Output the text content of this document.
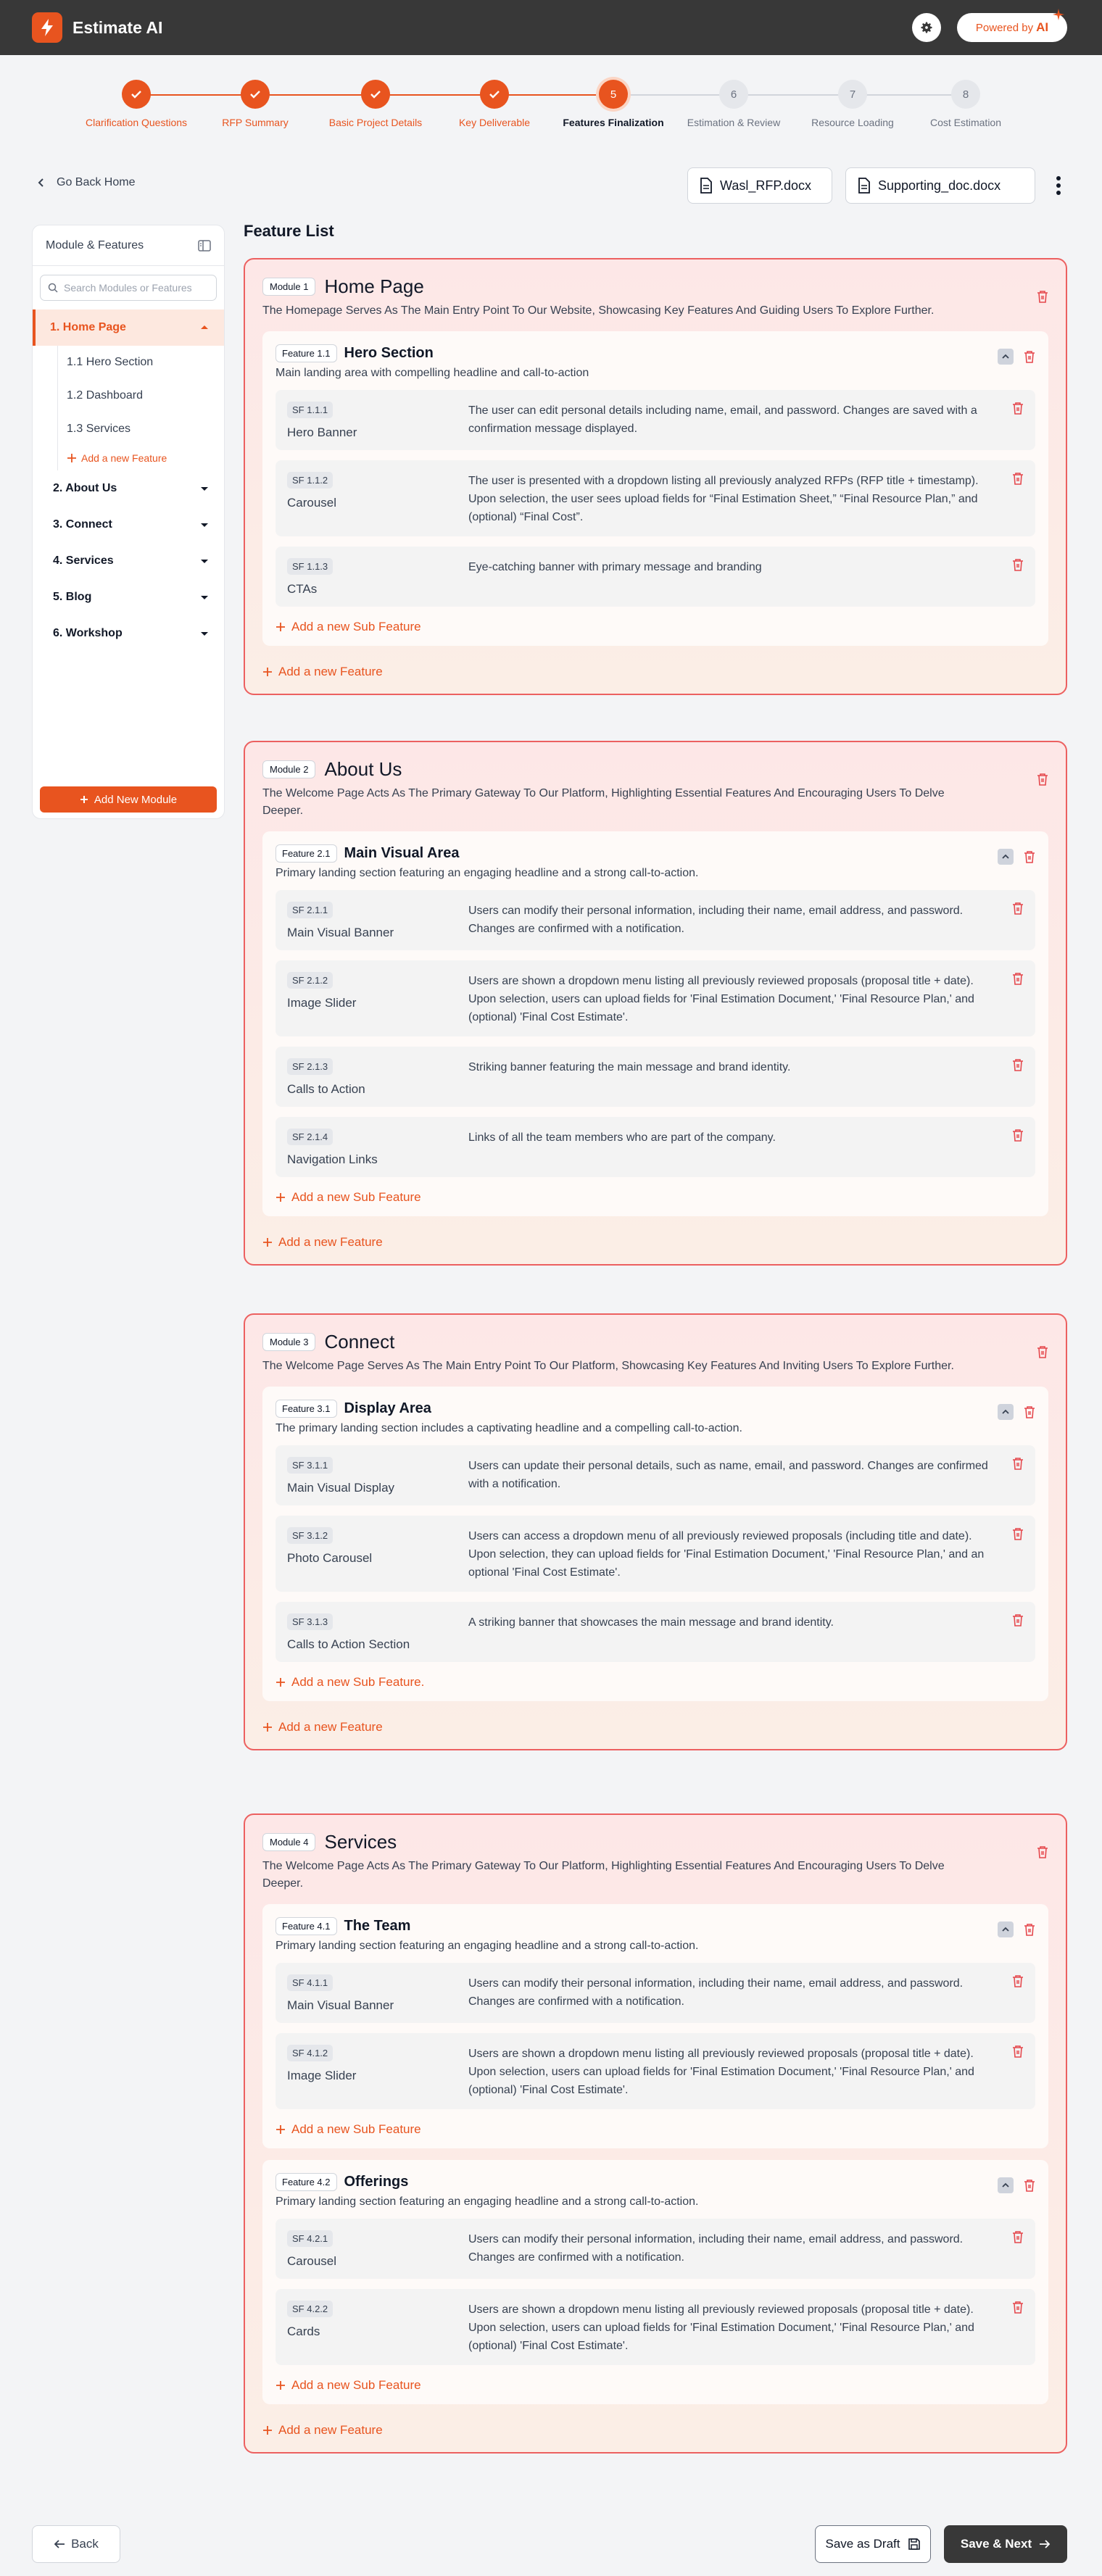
Estimate AI	Powered by AI
Clarification Questions	RFP Summary	Basic Project Details	Key Deliverable
5
Features Finalization
6
Estimation & Review
7
Resource Loading
8
Cost Estimation
Go Back Home	Wasl_RFP.docx	Supporting_doc.docx
Module & Features
Search Modules or Features
1. Home Page
1.1 Hero Section
1.2 Dashboard
1.3 Services
Add a new Feature
2. About Us
3. Connect
4. Services
5. Blog
6. Workshop
Add New Module
Feature List
Module 1 Home Page
The Homepage Serves As The Main Entry Point To Our Website, Showcasing Key Features And Guiding Users To Explore Further.
Feature 1.1 Hero Section
Main landing area with compelling headline and call-to-action
SF 1.1.1
Hero Banner
The user can edit personal details including name, email, and password. Changes are saved with a confirmation message displayed.
SF 1.1.2
Carousel
The user is presented with a dropdown listing all previously analyzed RFPs (RFP title + timestamp). Upon selection, the user sees upload fields for “Final Estimation Sheet,” “Final Resource Plan,” and (optional) “Final Cost”.
SF 1.1.3
CTAs
Eye-catching banner with primary message and branding
Add a new Sub Feature
Add a new Feature
Module 2 About Us
The Welcome Page Acts As The Primary Gateway To Our Platform, Highlighting Essential Features And Encouraging Users To Delve Deeper.
Feature 2.1 Main Visual Area
Primary landing section featuring an engaging headline and a strong call-to-action.
SF 2.1.1
Main Visual Banner
Users can modify their personal information, including their name, email address, and password. Changes are confirmed with a notification.
SF 2.1.2
Image Slider
Users are shown a dropdown menu listing all previously reviewed proposals (proposal title + date). Upon selection, users can upload fields for 'Final Estimation Document,' 'Final Resource Plan,' and (optional) 'Final Cost Estimate'.
SF 2.1.3
Calls to Action
Striking banner featuring the main message and brand identity.
SF 2.1.4
Navigation Links
Links of all the team members who are part of the company.
Add a new Sub Feature
Add a new Feature
Module 3 Connect
The Welcome Page Serves As The Main Entry Point To Our Platform, Showcasing Key Features And Inviting Users To Explore Further.
Feature 3.1 Display Area
The primary landing section includes a captivating headline and a compelling call-to-action.
SF 3.1.1
Main Visual Display
Users can update their personal details, such as name, email, and password. Changes are confirmed with a notification.
SF 3.1.2
Photo Carousel
Users can access a dropdown menu of all previously reviewed proposals (including title and date). Upon selection, they can upload fields for 'Final Estimation Document,' 'Final Resource Plan,' and an optional 'Final Cost Estimate'.
SF 3.1.3
Calls to Action Section
A striking banner that showcases the main message and brand identity.
Add a new Sub Feature.
Add a new Feature
Module 4 Services
The Welcome Page Acts As The Primary Gateway To Our Platform, Highlighting Essential Features And Encouraging Users To Delve Deeper.
Feature 4.1 The Team
Primary landing section featuring an engaging headline and a strong call-to-action.
SF 4.1.1
Main Visual Banner
Users can modify their personal information, including their name, email address, and password. Changes are confirmed with a notification.
SF 4.1.2
Image Slider
Users are shown a dropdown menu listing all previously reviewed proposals (proposal title + date). Upon selection, users can upload fields for 'Final Estimation Document,' 'Final Resource Plan,' and (optional) 'Final Cost Estimate'.
Add a new Sub Feature
Feature 4.2 Offerings
Primary landing section featuring an engaging headline and a strong call-to-action.
SF 4.2.1
Carousel
Users can modify their personal information, including their name, email address, and password. Changes are confirmed with a notification.
SF 4.2.2
Cards
Users are shown a dropdown menu listing all previously reviewed proposals (proposal title + date). Upon selection, users can upload fields for 'Final Estimation Document,' 'Final Resource Plan,' and (optional) 'Final Cost Estimate'.
Add a new Sub Feature
Add a new Feature
Back	Save as Draft	Save & Next
